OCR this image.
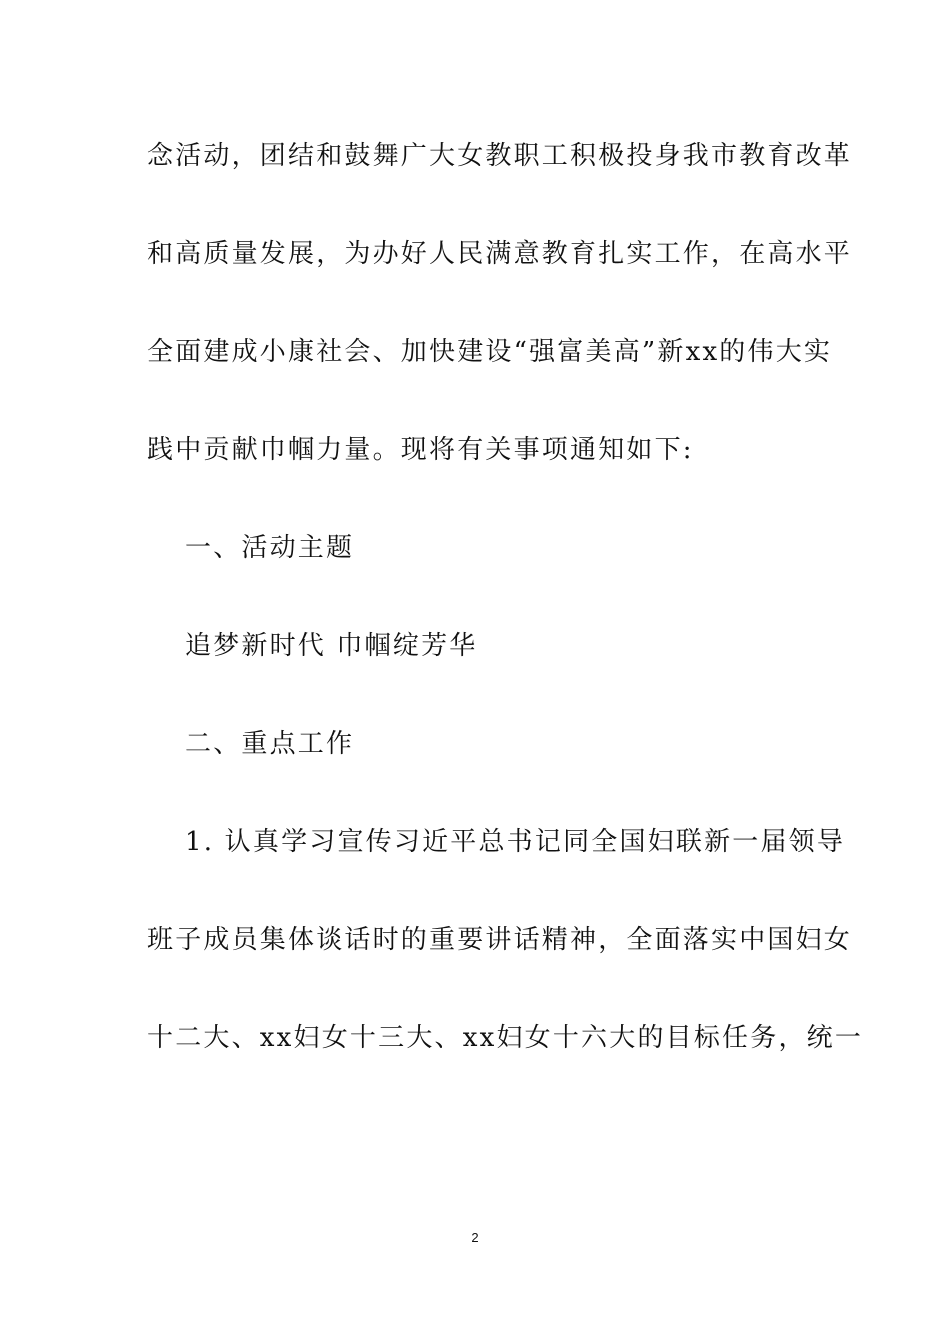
念活动，团结和鼓舞广大女教职工积极投身我市教育改革
和高质量发展，为办好人民满意教育扎实工作，在高水平
全面建成小康社会、加快建设“强富美高”新xx的伟大实
践中贡献巾帼力量。现将有关事项通知如下:
一、活动主题
追梦新时代 巾帼绽芳华
二、重点工作
1. 认真学习宣传习近平总书记同全国妇联新一届领导
班子成员集体谈话时的重要讲话精神，全面落实中国妇女
十二大、xx妇女十三大、xx妇女十六大的目标任务，统一
2
